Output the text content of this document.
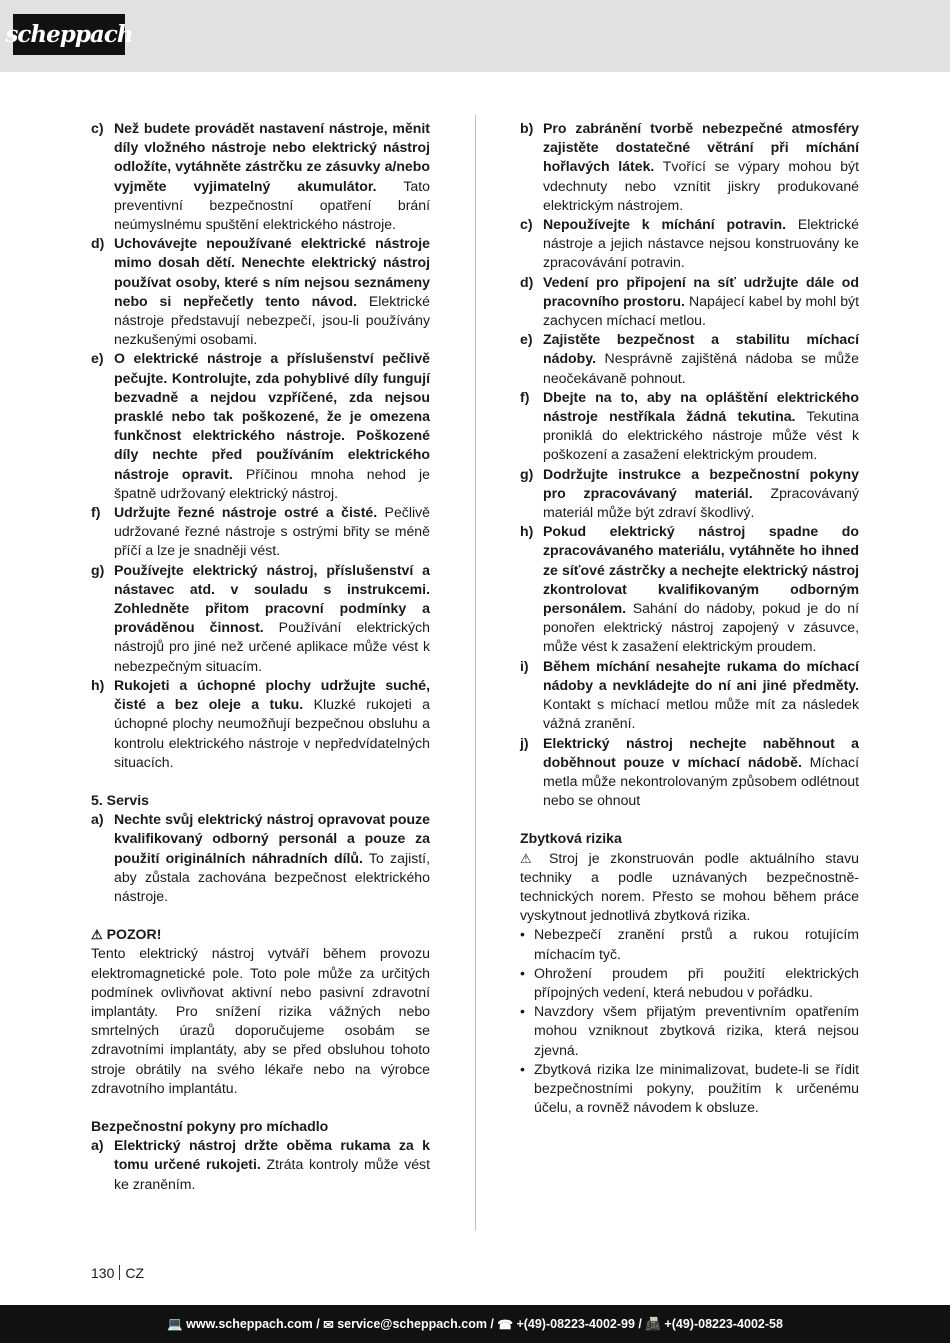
scheppach
c) Než budete provádět nastavení nástroje, měnit díly vložného nástroje nebo elektrický nástroj odložíte, vytáhněte zástrčku ze zásuvky a/nebo vyjměte vyjimatelný akumulátor. Tato preventivní bezpečnostní opatření brání neúmyslnému spuštění elektrického nástroje.
d) Uchovávejte nepoužívané elektrické nástroje mimo dosah dětí. Nenechte elektrický nástroj používat osoby, které s ním nejsou seznámeny nebo si nepřečetly tento návod. Elektrické nástroje představují nebezpečí, jsou-li používány nezkušenými osobami.
e) O elektrické nástroje a příslušenství pečlivě pečujte. Kontrolujte, zda pohyblivé díly fungují bezvadně a nejdou vzpříčené, zda nejsou prasklé nebo tak poškozené, že je omezena funkčnost elektrického nástroje. Poškozené díly nechte před používáním elektrického nástroje opravit. Příčinou mnoha nehod je špatně udržovaný elektrický nástroj.
f) Udržujte řezné nástroje ostré a čisté. Pečlivě udržované řezné nástroje s ostrými břity se méně příčí a lze je snadněji vést.
g) Používejte elektrický nástroj, příslušenství a nástavec atd. v souladu s instrukcemi. Zohledněte přitom pracovní podmínky a prováděnou činnost. Používání elektrických nástrojů pro jiné než určené aplikace může vést k nebezpečným situacím.
h) Rukojeti a úchopné plochy udržujte suché, čisté a bez oleje a tuku. Kluzké rukojeti a úchopné plochy neumožňují bezpečnou obsluhu a kontrolu elektrického nástroje v nepředvídatelných situacích.
5. Servis
a) Nechte svůj elektrický nástroj opravovat pouze kvalifikovaný odborný personál a pouze za použití originálních náhradních dílů. To zajistí, aby zůstala zachována bezpečnost elektrického nástroje.
⚠ POZOR!
Tento elektrický nástroj vytváří během provozu elektromagnetické pole. Toto pole může za určitých podmínek ovlivňovat aktivní nebo pasivní zdravotní implantáty. Pro snížení rizika vážných nebo smrtelných úrazů doporučujeme osobám se zdravotními implantáty, aby se před obsluhou tohoto stroje obrátily na svého lékaře nebo na výrobce zdravotního implantátu.
Bezpečnostní pokyny pro míchadlo
a) Elektrický nástroj držte oběma rukama za k tomu určené rukojeti. Ztráta kontroly může vést ke zraněním.
b) Pro zabránění tvorbě nebezpečné atmosféry zajistěte dostatečné větrání při míchání hořlavých látek. Tvořící se výpary mohou být vdechnuty nebo vznítit jiskry produkované elektrickým nástrojem.
c) Nepoužívejte k míchání potravin. Elektrické nástroje a jejich nástavce nejsou konstruovány ke zpracovávání potravin.
d) Vedení pro připojení na síť udržujte dále od pracovního prostoru. Napájecí kabel by mohl být zachycen míchací metlou.
e) Zajistěte bezpečnost a stabilitu míchací nádoby. Nesprávně zajištěná nádoba se může neočekávaně pohnout.
f) Dbejte na to, aby na opláštění elektrického nástroje nestříkala žádná tekutina. Tekutina proniklá do elektrického nástroje může vést k poškození a zasažení elektrickým proudem.
g) Dodržujte instrukce a bezpečnostní pokyny pro zpracovávaný materiál. Zpracovávaný materiál může být zdraví škodlivý.
h) Pokud elektrický nástroj spadne do zpracovávaného materiálu, vytáhněte ho ihned ze síťové zástrčky a nechejte elektrický nástroj zkontrolovat kvalifikovaným odborným personálem. Sahání do nádoby, pokud je do ní ponořen elektrický nástroj zapojený v zásuvce, může vést k zasažení elektrickým proudem.
i) Během míchání nesahejte rukama do míchací nádoby a nevkládejte do ní ani jiné předměty. Kontakt s míchací metlou může mít za následek vážná zranění.
j) Elektrický nástroj nechejte naběhnout a doběhnout pouze v míchací nádobě. Míchací metla může nekontrolovaným způsobem odlétnout nebo se ohnout
Zbytková rizika
⚠ Stroj je zkonstruován podle aktuálního stavu techniky a podle uznávaných bezpečnostně-technických norem. Přesto se mohou během práce vyskytnout jednotlivá zbytková rizika.
• Nebezpečí zranění prstů a rukou rotujícím míchacím tyč.
• Ohrožení proudem při použití elektrických přípojných vedení, která nebudou v pořádku.
• Navzdory všem přijatým preventivním opatřením mohou vzniknout zbytková rizika, která nejsou zjevná.
• Zbytková rizika lze minimalizovat, budete-li se řídit bezpečnostními pokyny, použitím k určenému účelu, a rovněž návodem k obsluze.
130 CZ
💻
www.scheppach.com / ✉
service@scheppach.com / ☎
+(49)-08223-4002-99 / 📠
+(49)-08223-4002-58
